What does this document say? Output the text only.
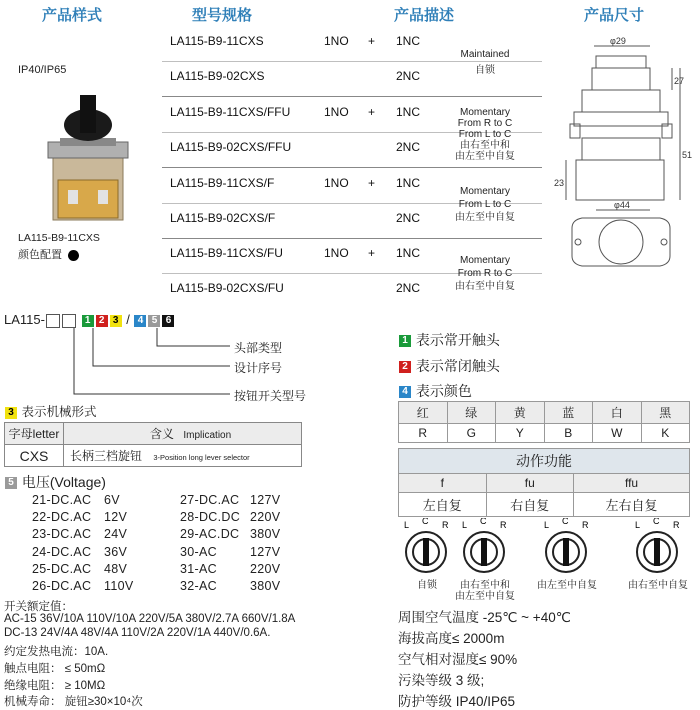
产品样式	型号规格	产品描述	产品尺寸
IP40/IP65
LA115-B9-11CXS
颜色配置
LA115-B9-11CXS	1NO + 1NC
LA115-B9-02CXS	2NC
LA115-B9-11CXS/FFU	1NO + 1NC
LA115-B9-02CXS/FFU	2NC
LA115-B9-11CXS/F	1NO + 1NC
LA115-B9-02CXS/F	2NC
LA115-B9-11CXS/FU	1NO + 1NC
LA115-B9-02CXS/FU	2NC
Maintained
自锁
Momentary
From R to C
From L to C
由右至中和
由左至中自复
Momentary
From L to C
由左至中自复
Momentary
From R to C
由右至中自复
φ29
27
51
23
φ44
LA115-	1 2 3 / 4 5 6
头部类型
设计序号
按钮开关型号
3 表示机械形式
字母letter	含义 Implication
CXS	长柄三档旋钮 3-Position long lever selector
5 电压(Voltage)
21-DC.AC 6V	27-DC.AC 127V
22-DC.AC 12V	28-DC.DC 220V
23-DC.AC 24V	29-AC.DC 380V
24-DC.AC 36V	30-AC	127V
25-DC.AC 48V	31-AC	220V
26-DC.AC 110V	32-AC	380V
开关额定值：
AC-15 36V/10A 110V/10A 220V/5A 380V/2.7A 660V/1.8A
DC-13 24V/4A 48V/4A 110V/2A 220V/1A 440V/0.6A.
约定发热电流：10A.
触点电阻： ≤ 50mΩ
绝缘电阻： ≥ 10MΩ
机械寿命： 旋钮≥30×10⁴次
1 表示常开触头
2 表示常闭触头
4 表示颜色
红	绿	黄	蓝	白	黑
R	G	Y	B	W	K
动作功能		
f	fu	ffu
左自复	右自复	左右自复
L C R
自锁
L C R
由右至中和
由左至中自复
L C R
由左至中自复
L C R
由右至中自复
周围空气温度 -25℃ ~ +40℃
海拔高度≤ 2000m
空气相对湿度≤ 90%
污染等级 3 级;
防护等级 IP40/IP65
